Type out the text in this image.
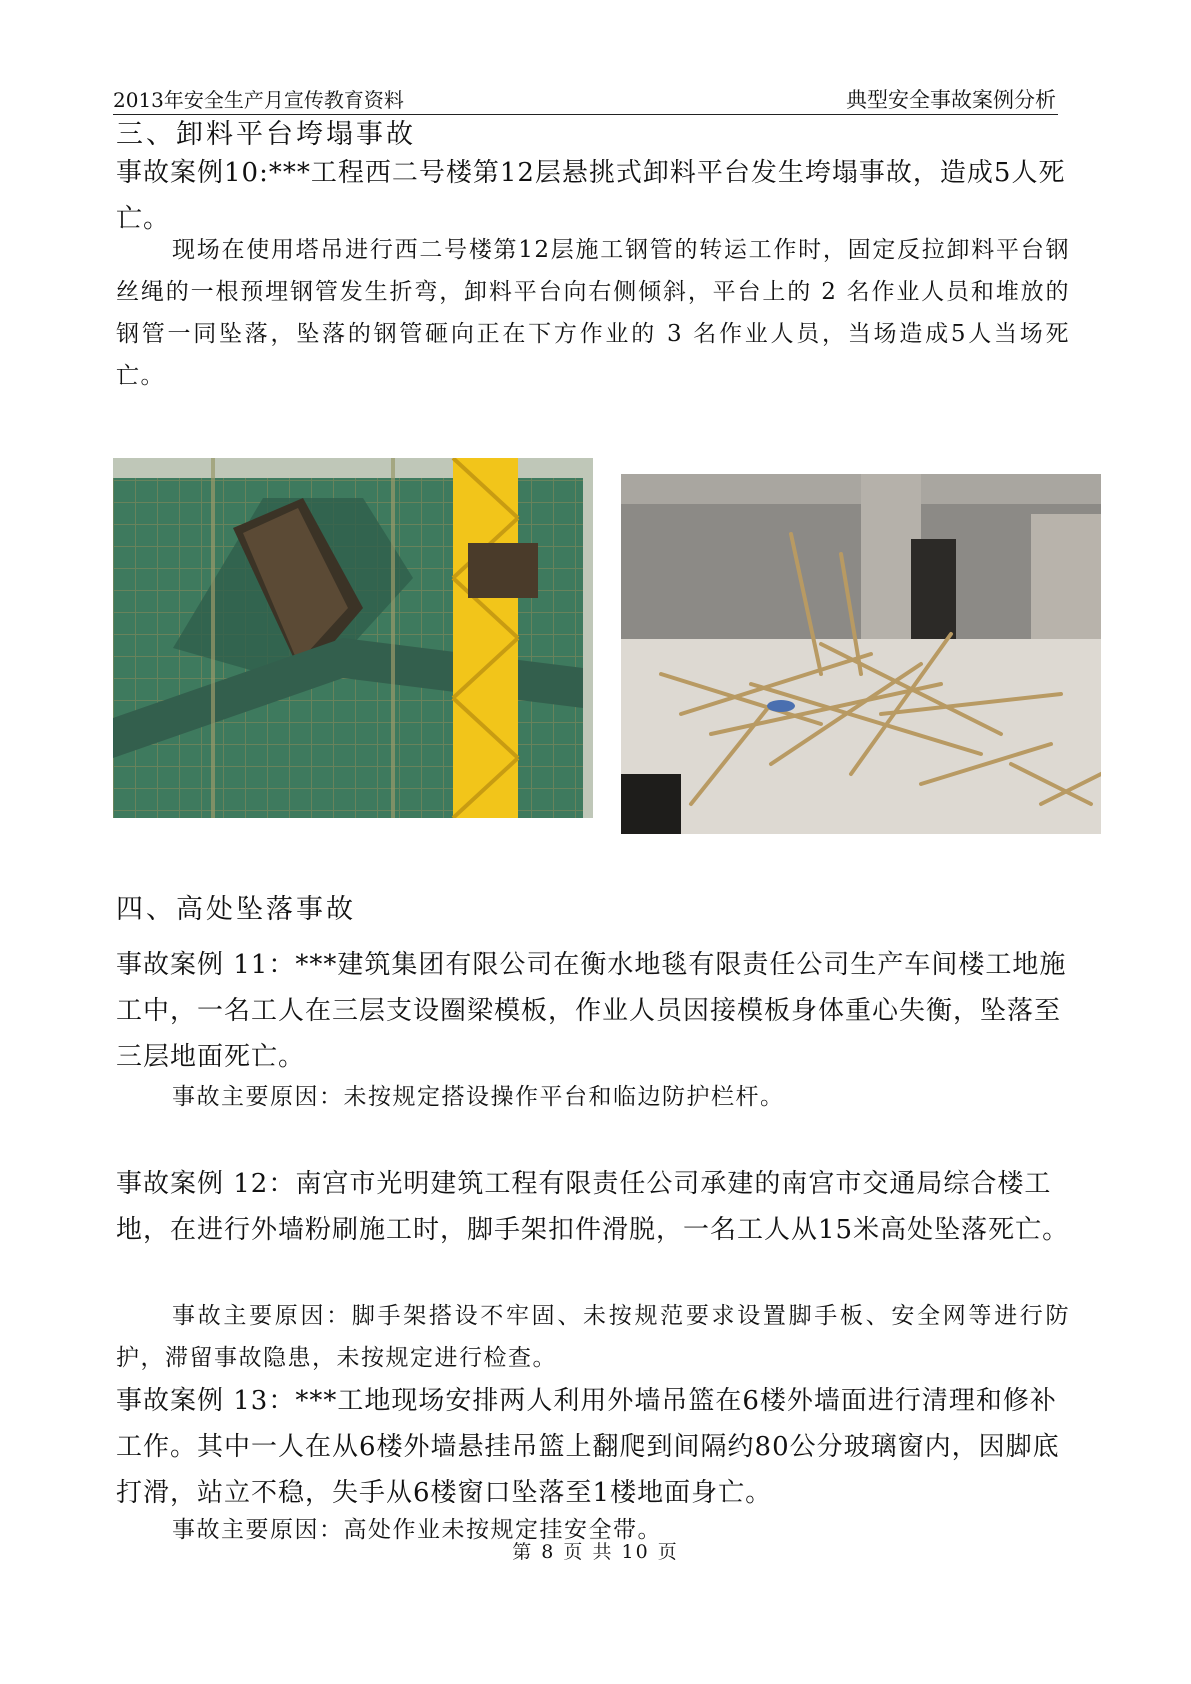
2013年安全生产月宣传教育资料	典型安全事故案例分析
三、卸料平台垮塌事故
事故案例10:***工程西二号楼第12层悬挑式卸料平台发生垮塌事故，造成5人死亡。
现场在使用塔吊进行西二号楼第12层施工钢管的转运工作时，固定反拉卸料平台钢丝绳的一根预埋钢管发生折弯，卸料平台向右侧倾斜，平台上的 2 名作业人员和堆放的钢管一同坠落，坠落的钢管砸向正在下方作业的 3 名作业人员，当场造成5人当场死亡。
四、高处坠落事故
事故案例 11：***建筑集团有限公司在衡水地毯有限责任公司生产车间楼工地施工中，一名工人在三层支设圈梁模板，作业人员因接模板身体重心失衡，坠落至三层地面死亡。
事故主要原因：未按规定搭设操作平台和临边防护栏杆。
事故案例 12：南宫市光明建筑工程有限责任公司承建的南宫市交通局综合楼工地，在进行外墙粉刷施工时，脚手架扣件滑脱，一名工人从15米高处坠落死亡。
事故主要原因：脚手架搭设不牢固、未按规范要求设置脚手板、安全网等进行防护，滞留事故隐患，未按规定进行检查。
事故案例 13：***工地现场安排两人利用外墙吊篮在6楼外墙面进行清理和修补工作。其中一人在从6楼外墙悬挂吊篮上翻爬到间隔约80公分玻璃窗内，因脚底打滑，站立不稳，失手从6楼窗口坠落至1楼地面身亡。
事故主要原因：高处作业未按规定挂安全带。
第 8 页 共 10 页
